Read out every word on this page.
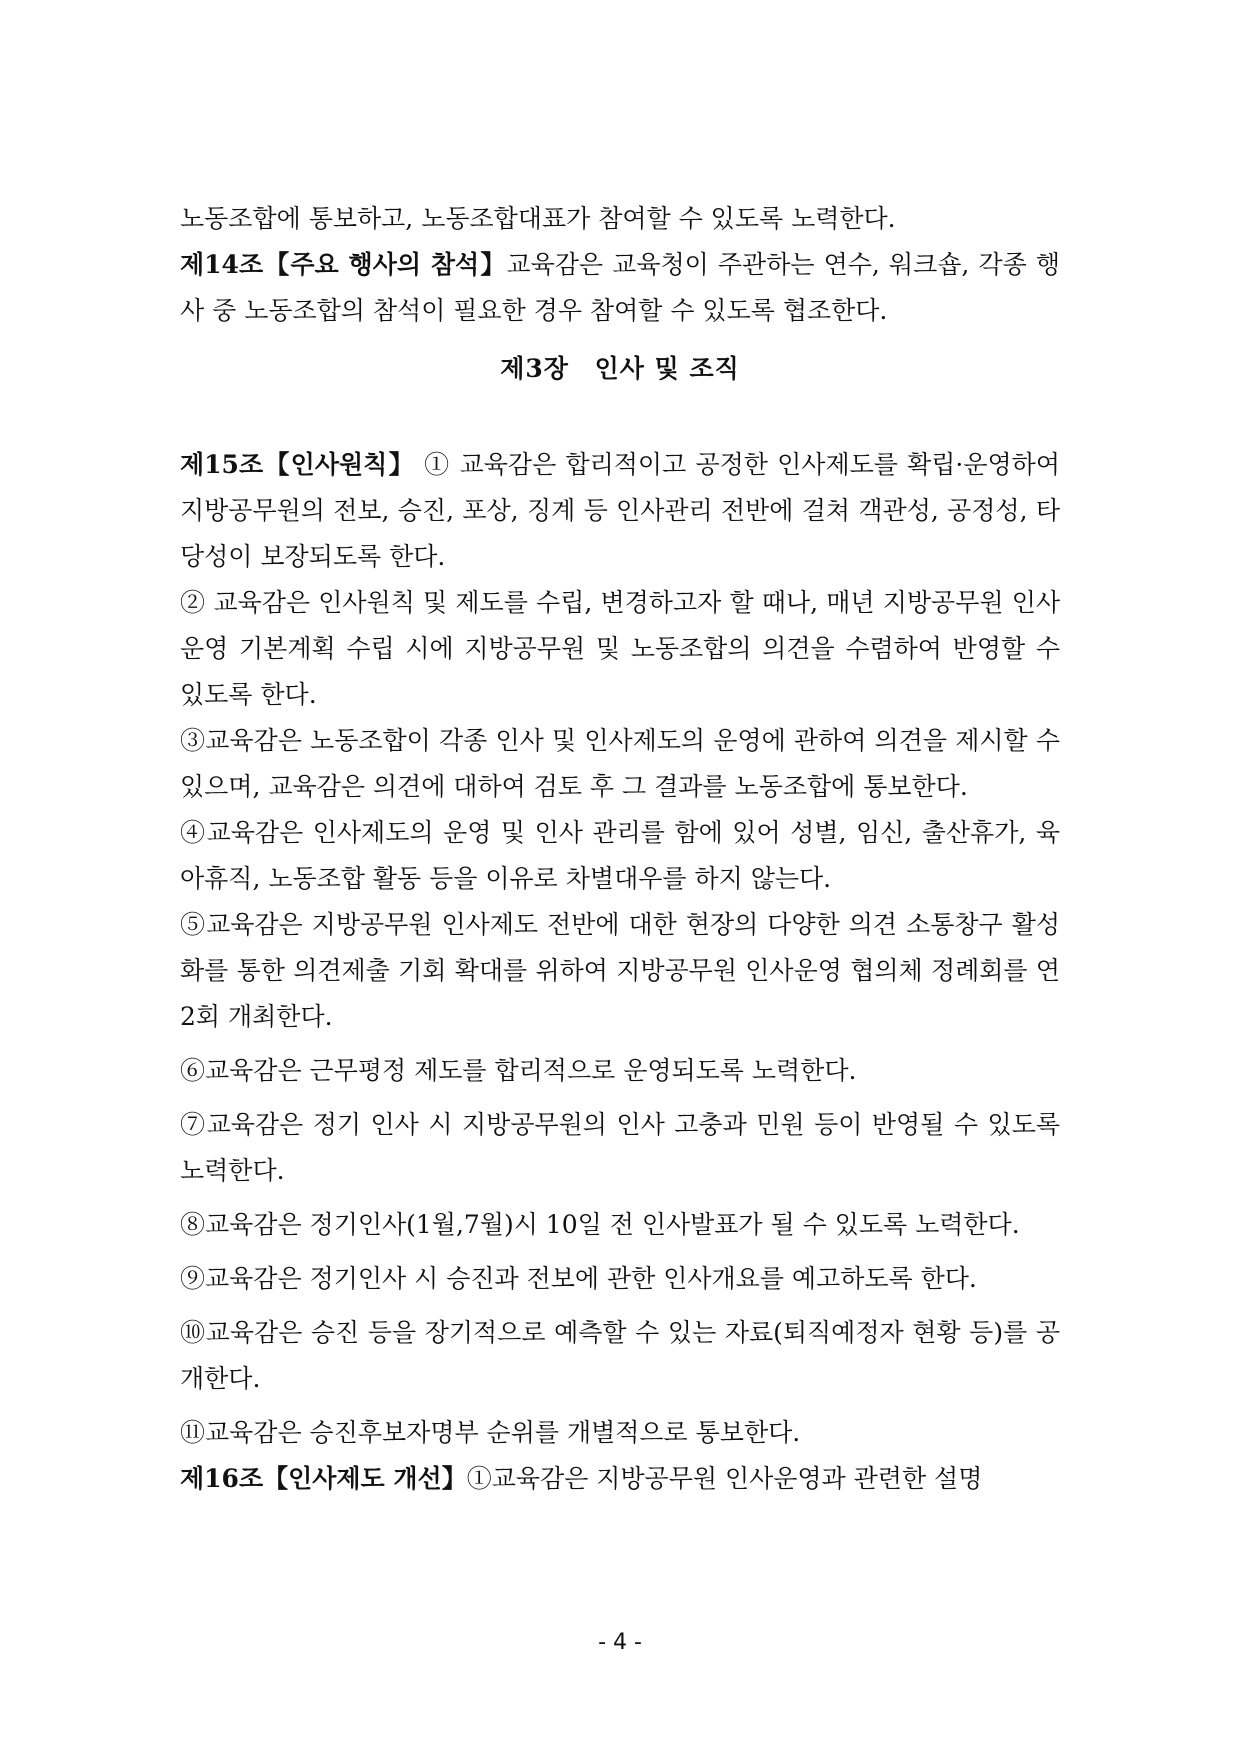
노동조합에 통보하고, 노동조합대표가 참여할 수 있도록 노력한다.

제14조【주요 행사의 참석】교육감은 교육청이 주관하는 연수, 워크숍, 각종 행사 중 노동조합의 참석이 필요한 경우 참여할 수 있도록 협조한다.

제3장 인사 및 조직

제15조【인사원칙】 ① 교육감은 합리적이고 공정한 인사제도를 확립·운영하여 지방공무원의 전보, 승진, 포상, 징계 등 인사관리 전반에 걸쳐 객관성, 공정성, 타당성이 보장되도록 한다.

② 교육감은 인사원칙 및 제도를 수립, 변경하고자 할 때나, 매년 지방공무원 인사운영 기본계획 수립 시에 지방공무원 및 노동조합의 의견을 수렴하여 반영할 수 있도록 한다.

③교육감은 노동조합이 각종 인사 및 인사제도의 운영에 관하여 의견을 제시할 수 있으며, 교육감은 의견에 대하여 검토 후 그 결과를 노동조합에 통보한다.

④교육감은 인사제도의 운영 및 인사 관리를 함에 있어 성별, 임신, 출산휴가, 육아휴직, 노동조합 활동 등을 이유로 차별대우를 하지 않는다.

⑤교육감은 지방공무원 인사제도 전반에 대한 현장의 다양한 의견 소통창구 활성화를 통한 의견제출 기회 확대를 위하여 지방공무원 인사운영 협의체 정례회를 연 2회 개최한다.

⑥교육감은 근무평정 제도를 합리적으로 운영되도록 노력한다.

⑦교육감은 정기 인사 시 지방공무원의 인사 고충과 민원 등이 반영될 수 있도록 노력한다.

⑧교육감은 정기인사(1월,7월)시 10일 전 인사발표가 될 수 있도록 노력한다.

⑨교육감은 정기인사 시 승진과 전보에 관한 인사개요를 예고하도록 한다.

⑩교육감은 승진 등을 장기적으로 예측할 수 있는 자료(퇴직예정자 현황 등)를 공개한다.

⑪교육감은 승진후보자명부 순위를 개별적으로 통보한다.

제16조【인사제도 개선】①교육감은 지방공무원 인사운영과 관련한 설명

- 4 -
